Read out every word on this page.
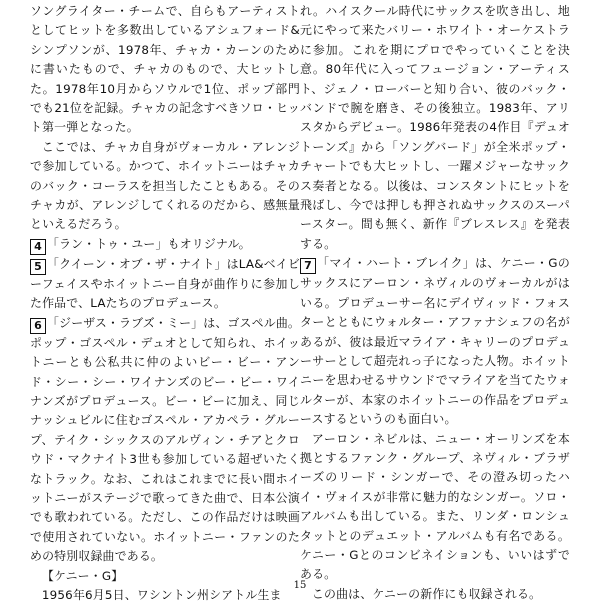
ソングライター・チームで、自らもアーティストとしてヒットを多数出しているアシュフォード&シンプソンが、1978年、チャカ・カーンのために書いたもので、チャカのもので、大ヒットした。1978年10月からソウルで1位、ポップ部門でも21位を記録。チャカの記念すべきソロ・ヒット第一弾となった。

ここでは、チャカ自身がヴォーカル・アレンジで参加している。かつて、ホイットニーはチャカのバック・コーラスを担当したこともある。そのチャカが、アレンジしてくれるのだから、感無量といえるだろう。

4 「ラン・トゥ・ユー」もオリジナル。

5 「クイーン・オブ・ザ・ナイト」はLA&ベイビーフェイスやホイットニー自身が曲作りに参加した作品で、LAたちのプロデュース。

6 「ジーザス・ラブズ・ミー」は、ゴスペル曲。ポップ・ゴスペル・デュオとして知られ、ホイットニーとも公私共に仲のよいビー・ビー・アンド・シー・シー・ワイナンズのビー・ビー・ワイナンズがプロデュース。ビー・ビーに加え、同じナッシュビルに住むゴスペル・アカペラ・グループ、テイク・シックスのアルヴィン・チアとクロウド・マクナイト3世も参加している超ぜいたくなトラック。なお、これはこれまでに長い間ホイットニーがステージで歌ってきた曲で、日本公演でも歌われている。ただし、この作品だけは映画で使用されていない。ホイットニー・ファンのための特別収録曲である。

【ケニー・G】

1956年6月5日、ワシントン州シアトル生ま

れ。ハイスクール時代にサックスを吹き出し、地元にやって来たバリー・ホワイト・オーケストラに参加。これを期にプロでやっていくことを決意。80年代に入ってフュージョン・アーティスト、ジェノ・ローバーと知り合い、彼のバック・バンドで腕を磨き、その後独立。1983年、アリスタからデビュー。1986年発表の4作目『デュオトーンズ』から「ソングバード」が全米ポップ・チャートでも大ヒットし、一躍メジャーなサックス奏者となる。以後は、コンスタントにヒットを飛ばし、今では押しも押されぬサックスのスーパースター。間も無く、新作『ブレスレス』を発表する。

7 「マイ・ハート・ブレイク」は、ケニー・Gのサックスにアーロン・ネヴィルのヴォーカルがはいる。プロデューサー名にデイヴィッド・フォスターとともにウォルター・アファナシェフの名があるが、彼は最近マライア・キャリーのプロデューサーとして超売れっ子になった人物。ホイットニーを思わせるサウンドでマライアを当てたウォルターが、本家のホイットニーの作品をプロデュースするというのも面白い。

アーロン・ネビルは、ニュー・オーリンズを本拠とするファンク・グループ、ネヴィル・ブラザーズのリード・シンガーで、その澄み切ったハイ・ヴォイスが非常に魅力的なシンガー。ソロ・アルバムも出している。また、リンダ・ロンシュタットとのデュエット・アルバムも有名である。ケニー・Gとのコンビネイションも、いいはずである。

この曲は、ケニーの新作にも収録される。

15
